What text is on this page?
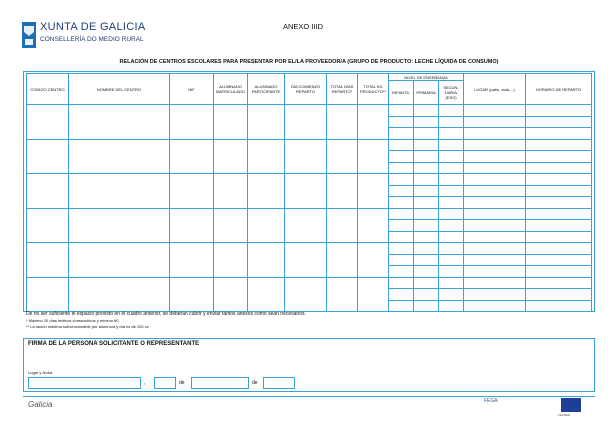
XUNTA DE GALICIA
CONSELLERÍA DO MEDIO RURAL
ANEXO IIID
RELACIÓN DE CENTROS ESCOLARES PARA PRESENTAR POR EL/LA PROVEEDOR/A (GRUPO DE PRODUCTO: LECHE LÍQUIDA DE CONSUMO)
CÓDIGO CENTRO	NOMBRE DEL CENTRO	NIF	ALUMNADO MATRICULADO	ALUMNADO PARTICIPANTE	DÍA COMIENZO REPARTO	TOTAL DÍAS REPARTO*	TOTAL KG PRODUCTO**	NIVEL DE ENSEÑANZA			LUGAR (patio, aula,...)	HORARIO DE REPARTO
								INFANTIL	PRIMARIA	SECUN-DARIA (ESO)		

De no ser suficiente el espacio previsto en el cuadro anterior, se deberán cubrir y enviar tantos anexos como sean necesarios.
* Máximo 20 días lectivos consecutivos y mínimo 60
** La ración máxima subvencionable por alumno/a y día es de 200 cc
FIRMA DE LA PERSONA SOLICITANTE O REPRESENTANTE
Lugar y fecha
,	de	de
Galicia	FEGA
FEADER
